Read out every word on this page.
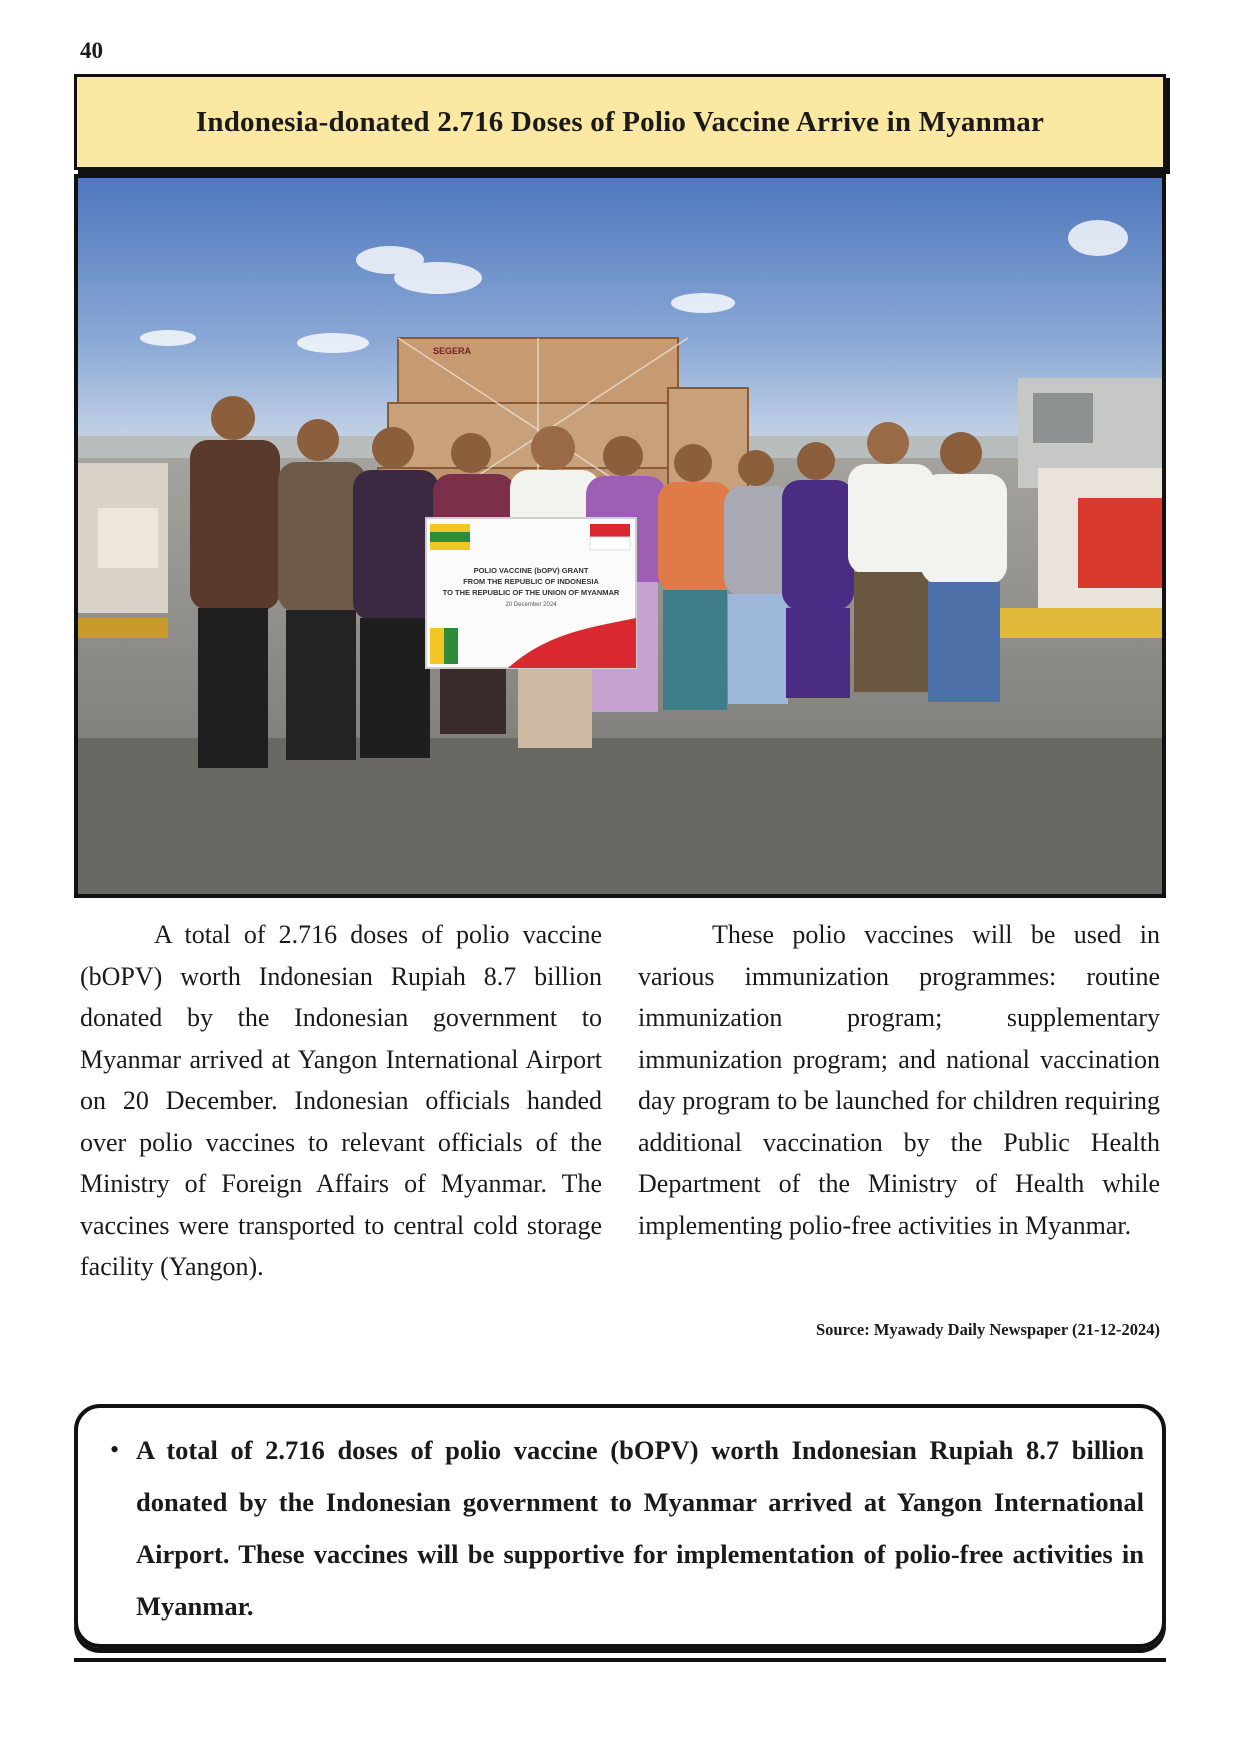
40
Indonesia-donated 2.716 Doses of Polio Vaccine Arrive in Myanmar
POLIO VACCINE (bOPV) GRANT
FROM THE REPUBLIC OF INDONESIA
TO THE REPUBLIC OF THE UNION OF MYANMAR
20 December 2024
SEGERA

A total of 2.716 doses of polio vaccine (bOPV) worth Indonesian Rupiah 8.7 billion donated by the Indonesian government to Myanmar arrived at Yangon International Airport on 20 December. Indonesian officials handed over polio vaccines to relevant officials of the Ministry of Foreign Affairs of Myanmar. The vaccines were transported to central cold storage facility (Yangon).

These polio vaccines will be used in various immunization programmes: routine immunization program; supplementary immunization program; and national vaccination day program to be launched for children requiring additional vaccination by the Public Health Department of the Ministry of Health while implementing polio-free activities in Myanmar.

Source: Myawady Daily Newspaper (21-12-2024)
• A total of 2.716 doses of polio vaccine (bOPV) worth Indonesian Rupiah 8.7 billion donated by the Indonesian government to Myanmar arrived at Yangon International Airport. These vaccines will be supportive for implementation of polio-free activities in Myanmar.
